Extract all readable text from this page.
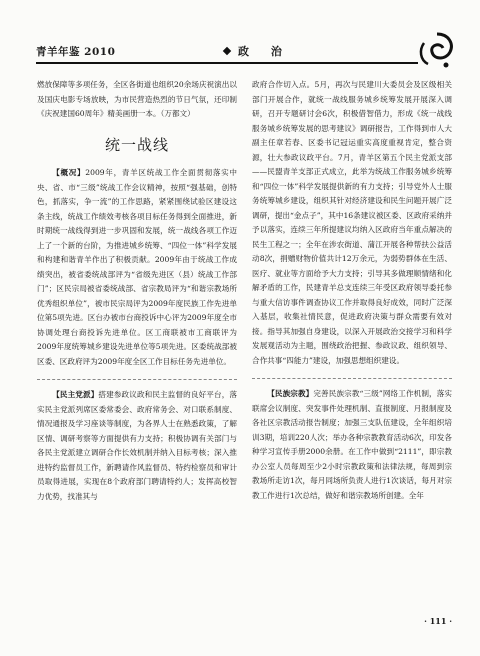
青羊年鉴 2010	政 治

燃放保障等多项任务，全区各街道也组织20余场庆祝演出以及国庆电影专场放映，为市民营造热烈的节日气氛，还印制《庆祝建国60周年》精美画册一本。（万都文）

统一战线

【概况】2009年，青羊区统战工作全面贯彻落实中央、省、市“三级”统战工作会议精神，按照“强基础，创特色，抓落实，争一流”的工作思路，紧紧围绕试验区建设这条主线，统战工作绩效考核各项目标任务得到全面推进，新时期统一战线得到进一步巩固和发展，统一战线各项工作迈上了一个新的台阶，为推进城乡统筹、“四位一体”科学发展和构建和谐青羊作出了积极贡献。2009年由于统战工作成绩突出，被省委统战部评为“省级先进区（县）统战工作部门”；区民宗局被省委统战部、省宗教局评为“和谐宗教场所优秀组织单位”，被市民宗局评为2009年度民族工作先进单位第5项先进。区台办被市台商投诉中心评为2009年度全市协调处理台商投诉先进单位。区工商联被市工商联评为2009年度统筹城乡建设先进单位等5项先进。区委统战部被区委、区政府评为2009年度全区工作目标任务先进单位。

【民主党派】搭建参政议政和民主监督的良好平台，落实民主党派列席区委常委会、政府常务会、对口联系制度、情况通报及学习座谈等制度，为各界人士在熟悉政策，了解区情、调研考察等方面提供有力支持；积极协调有关部门与各民主党派建立调研合作长效机制并纳入目标考核；深入推进特约监督员工作，新聘请作风监督员、特约检察员和审计员取得进展，实现在8个政府部门聘请特约人；发挥高校智力优势，找准其与

政府合作切入点。5月，再次与民建川大委员会及区级相关部门开展合作，就统一战线服务城乡统筹发展开展深入调研，召开专题研讨会6次，积极借智借力，形成《统一战线服务城乡统筹发展的思考建议》调研报告，工作得到市人大副主任章若春、区委书记冠运重实高度重视肯定，整合资源，壮大参政议政平台。7月，青羊区第五个民主党派支部——民盟青羊支部正式成立，此举为统战工作服务城乡统筹和“四位一体”科学发展提供新的有力支持；引导党外人士服务统筹城乡建设，组织其针对经济建设和民生问题开展广泛调研，提出“金点子”，其中16条建议被区委、区政府采纳并予以落实，连续三年所提建议均纳入区政府当年重点解决的民生工程之一；全年在涉农街道、蒲江开展各种帮扶公益活动8次，捐赠财物价值共计12万余元，为弱势群体在生活、医疗、就业等方面给予大力支持；引导其多做理顺情绪和化解矛盾的工作，民建青羊总支连续三年受区政府领导委托参与重大信访事件调查协议工作并取得良好成效，同时广泛深入基层，收集社情民意，促进政府决策与群众需要有效对接。指导其加强自身建设，以深入开展政治交接学习和科学发展观活动为主题，围绕政治把握、参政议政、组织领导、合作共事“四能力”建设，加强思想组织建设。

【民族宗教】完善民族宗教“三级”网络工作机制，落实联席会议制度、突发事件处理机制、直报制度、月报制度及各社区宗教活动报告制度；加强三支队伍建设，全年组织培训3期，培训220人次；举办各种宗教教育活动6次，印发各种学习宣传手册2000余册。在工作中做到“2111”，即宗教办公室人员每周至少2小时宗教政策和法律法规，每周到宗教场所走访1次，每月同场所负责人进行1次谈话，每月对宗教工作进行1次总结，做好和谐宗教场所创建。全年

· 111 ·
